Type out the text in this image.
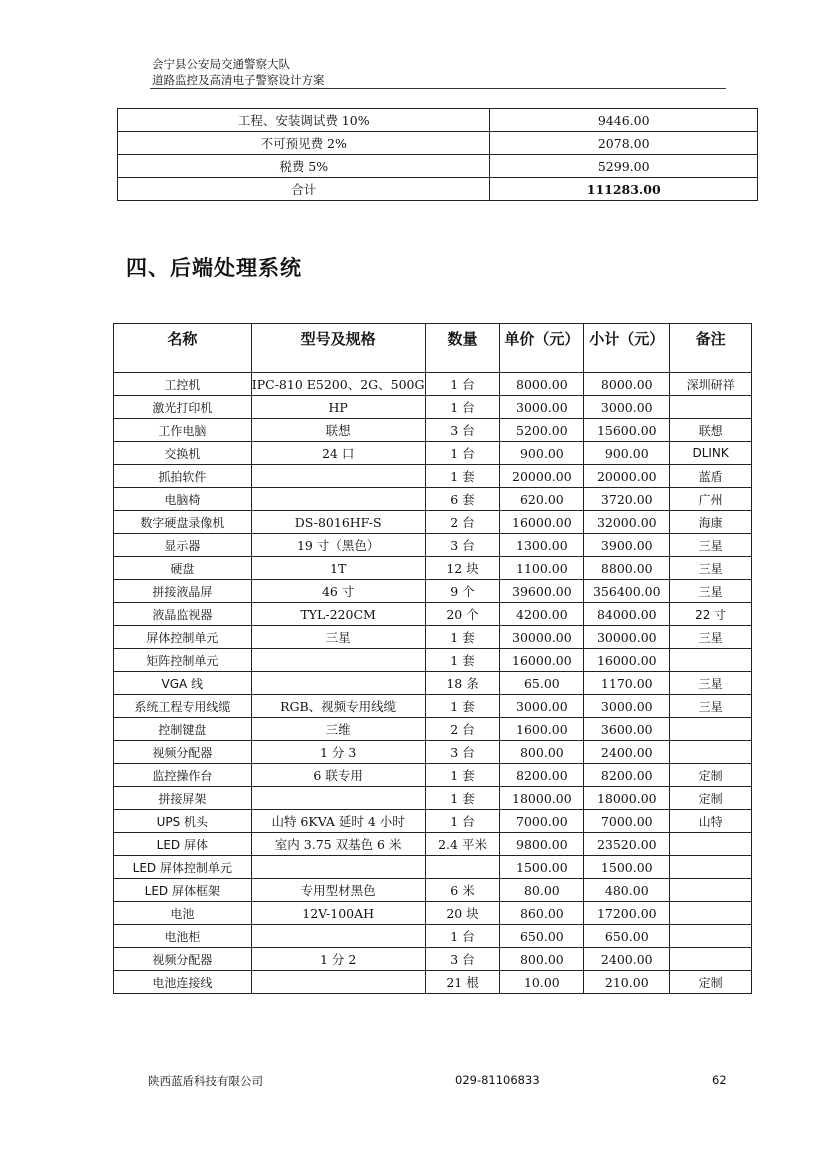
会宁县公安局交通警察大队
道路监控及高清电子警察设计方案
工程、安装调试费 10%	9446.00
不可预见费 2%	2078.00
税费 5%	5299.00
合计	111283.00
四、后端处理系统
名称	型号及规格	数量	单价（元）	小计（元）	备注
工控机	IPC-810 E5200、2G、500G	1 台	8000.00	8000.00	深圳研祥
激光打印机	HP	1 台	3000.00	3000.00	
工作电脑	联想	3 台	5200.00	15600.00	联想
交换机	24 口	1 台	900.00	900.00	DLINK
抓拍软件		1 套	20000.00	20000.00	蓝盾
电脑椅		6 套	620.00	3720.00	广州
数字硬盘录像机	DS-8016HF-S	2 台	16000.00	32000.00	海康
显示器	19 寸（黑色）	3 台	1300.00	3900.00	三星
硬盘	1T	12 块	1100.00	8800.00	三星
拼接液晶屏	46 寸	9 个	39600.00	356400.00	三星
液晶监视器	TYL-220CM	20 个	4200.00	84000.00	22 寸
屏体控制单元	三星	1 套	30000.00	30000.00	三星
矩阵控制单元		1 套	16000.00	16000.00	
VGA 线		18 条	65.00	1170.00	三星
系统工程专用线缆	RGB、视频专用线缆	1 套	3000.00	3000.00	三星
控制键盘	三维	2 台	1600.00	3600.00	
视频分配器	1 分 3	3 台	800.00	2400.00	
监控操作台	6 联专用	1 套	8200.00	8200.00	定制
拼接屏架		1 套	18000.00	18000.00	定制
UPS 机头	山特 6KVA 延时 4 小时	1 台	7000.00	7000.00	山特
LED 屏体	室内 3.75 双基色 6 米	2.4 平米	9800.00	23520.00	
LED 屏体控制单元			1500.00	1500.00	
LED 屏体框架	专用型材黑色	6 米	80.00	480.00	
电池	12V-100AH	20 块	860.00	17200.00	
电池柜		1 台	650.00	650.00	
视频分配器	1 分 2	3 台	800.00	2400.00	
电池连接线		21 根	10.00	210.00	定制
陕西蓝盾科技有限公司	029-81106833	62
